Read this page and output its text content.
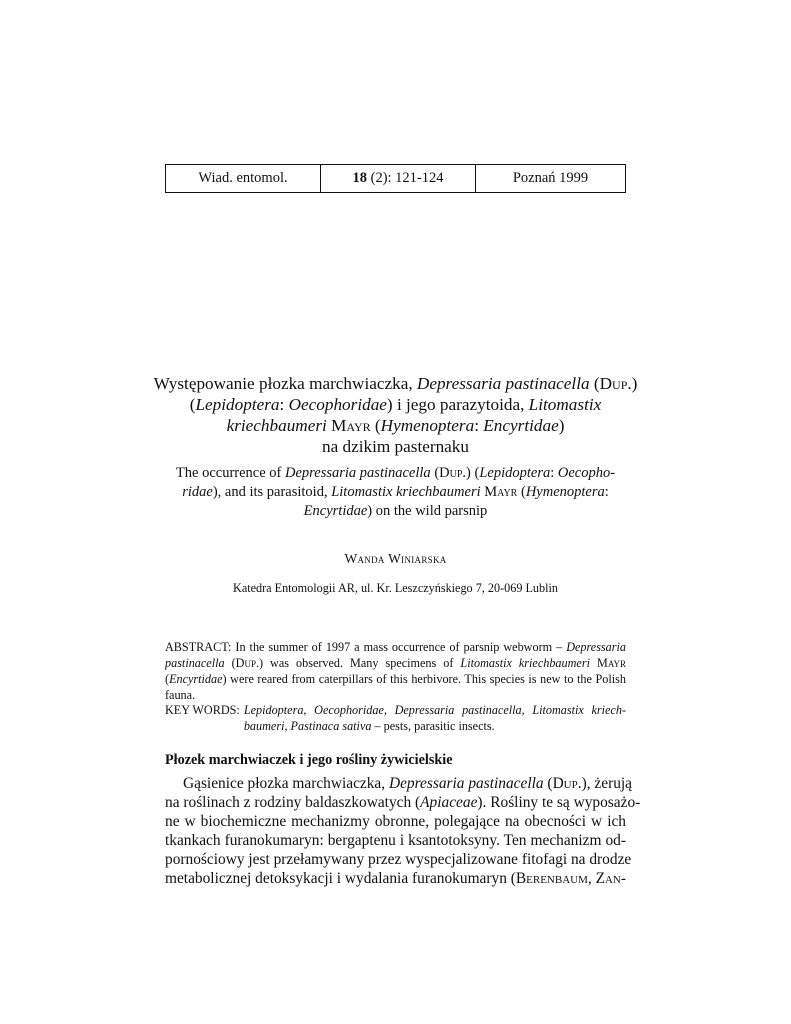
Wiad. entomol.	18
(2): 121-124	Poznań 1999
Występowanie płozka marchwiaczka, Depressaria pastinacella (Dup.)
(Lepidoptera: Oecophoridae) i jego parazytoida, Litomastix
kriechbaumeri Mayr (Hymenoptera: Encyrtidae)
na dzikim pasternaku
The occurrence of Depressaria pastinacella (Dup.) (Lepidoptera: Oecopho-
ridae), and its parasitoid, Litomastix kriechbaumeri Mayr (Hymenoptera:
Encyrtidae) on the wild parsnip
Wanda Winiarska
Katedra Entomologii AR, ul. Kr. Leszczyńskiego 7, 20-069 Lublin
ABSTRACT: In the summer of 1997 a mass occurrence of parsnip webworm – Depressaria pastinacella (Dup.) was observed. Many specimens of Litomastix kriechbaumeri Mayr (Encyrtidae) were reared from caterpillars of this herbivore. This species is new to the Polish fauna.
KEY WORDS: Lepidoptera, Oecophoridae, Depressaria pastinacella, Litomastix kriech-baumeri, Pastinaca sativa – pests, parasitic insects.
Płozek marchwiaczek i jego rośliny żywicielskie
Gąsienice płozka marchwiaczka, Depressaria pastinacella (Dup.), żerują
na roślinach z rodziny baldaszkowatych (Apiaceae). Rośliny te są wyposażo-
ne w biochemiczne mechanizmy obronne, polegające na obecności w ich
tkankach furanokumaryn: bergaptenu i ksantotoksyny. Ten mechanizm od-
pornościowy jest przełamywany przez wyspecjalizowane fitofagi na drodze
metabolicznej detoksykacji i wydalania furanokumaryn (Berenbaum, Zan-
